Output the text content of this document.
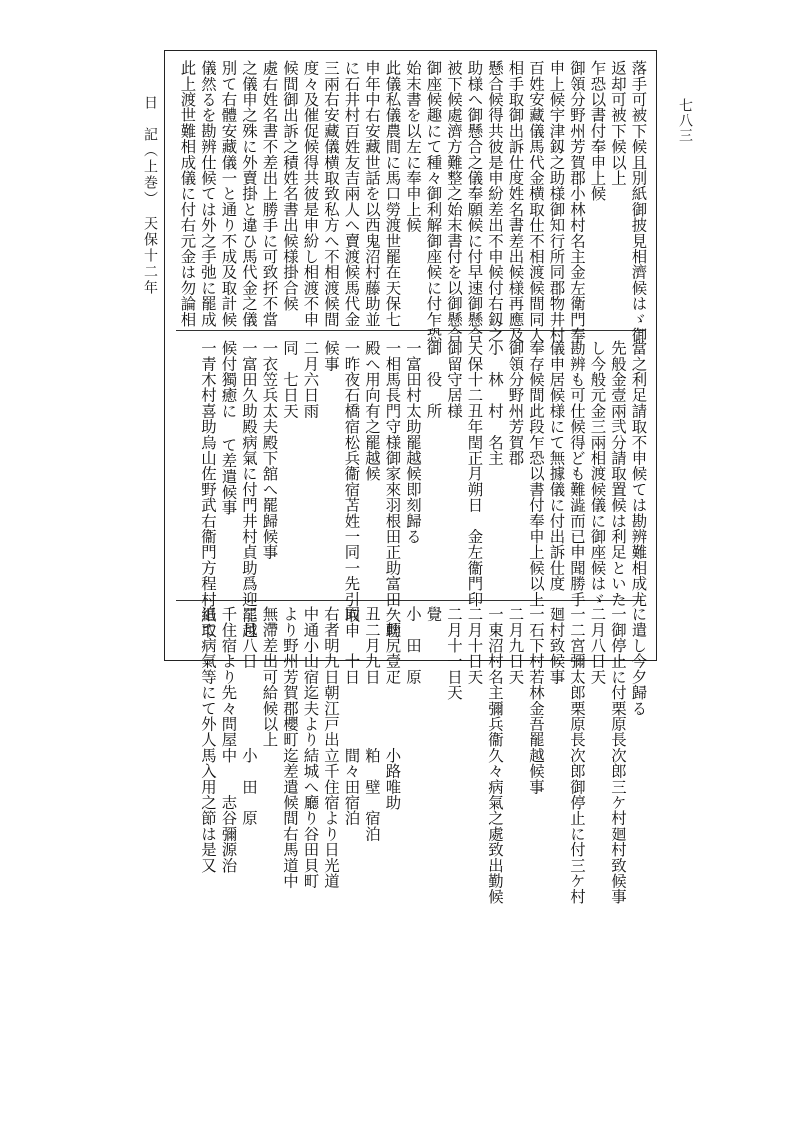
日　記（上巻）　天保十二年	七八三
落手可被下候且別紙御披見相濟候はゞ御
返却可被下候以上
乍恐以書付奉申上候
御領分野州芳賀郡小林村名主金左衛門奉
申上候宇津釼之助様御知行所同郡物井村
百姓安藏儀馬代金横取仕不相渡候間同人
相手取御出訴仕度姓名書差出候様再應及
懸合候得共彼是申紛差出不申候付右釼之
助様へ御懸合之儀奉願候に付早速御懸合
被下候處濟方難整之始末書付を以御懸合
御座候趣にて種々御利解御座候に付乍恐
始末書を以左に奉申上候
此儀私儀農間に馬口勞渡世罷在天保七
申年中右安藏世話を以西鬼沼村藤助並
に石井村百姓友吉兩人へ賣渡候馬代金
三兩右安藏儀横取致私方へ不相渡候間
度々及催促候得共彼是申紛し相渡不申
候間御出訴之積姓名書出候様掛合候
處右姓名書不差出上勝手に可致抔不當
之儀申之殊に外賣掛と違ひ馬代金之儀
別て右體安藏儀一と通り不成及取計候
儀然るを勘辨仕候ては外之手弛に罷成
此上渡世難相成儀に付右元金は勿論相
當之利足請取不申候ては勘辨難相成尤
先般金壹兩弐分請取置候は利足といた
し今般元金三兩相渡候儀に御座候はゞ
勘辨も可仕候得ども難澁而已申聞勝手
儀申居候様にて無據儀に付出訴仕度
奉存候間此段乍恐以書付奉申上候以上
御領分野州芳賀郡
小　林　村　名主
天保十二丑年閏正月朔日　金左衞門印
御留守居様
御　役　所
一富田村太助罷越候即刻歸る
一相馬長門守様御家來羽根田正助富田久助
殿へ用向有之罷越候
一昨夜石橋宿松兵衞宿苫姓一同一先引取申
候事
二月六日雨
同　七日天
一衣笠兵太夫殿下舘へ罷歸候事
一富田久助殿病氣に付門井村貞助爲迎罷越
候付獨癒に て差遣候事
一青木村喜助烏山佐野武右衞門方程村紙取
に遣し今夕歸る
一御停止に付栗原長次郎三ケ村廻村致候事
二月八日天
一二宮彌太郎栗原長次郎御停止に付三ケ村
廻村致候事
一石下村若林金吾罷越候事
二月九日天
一東沼村名主彌兵衞久々病氣之處致出勤候
二月十日天
二月十一日天
覺
小　田　原
一輕尻壹疋　　　　小路唯助
丑二月九日　　　　粕　壁　宿泊
同　　十日　　　　間々田宿泊
右者明九日朝江戸出立千住宿より日光道
中通小山宿迄夫より結城へ廳り谷田貝町
より野州芳賀郡櫻町迄差遣候間右馬道中
無滯差出可給候以上
二月八日　　　　　小　田　原
千住宿より先々問屋中　　志谷彌源治
追て病氣等にて外人馬入用之節は是又
